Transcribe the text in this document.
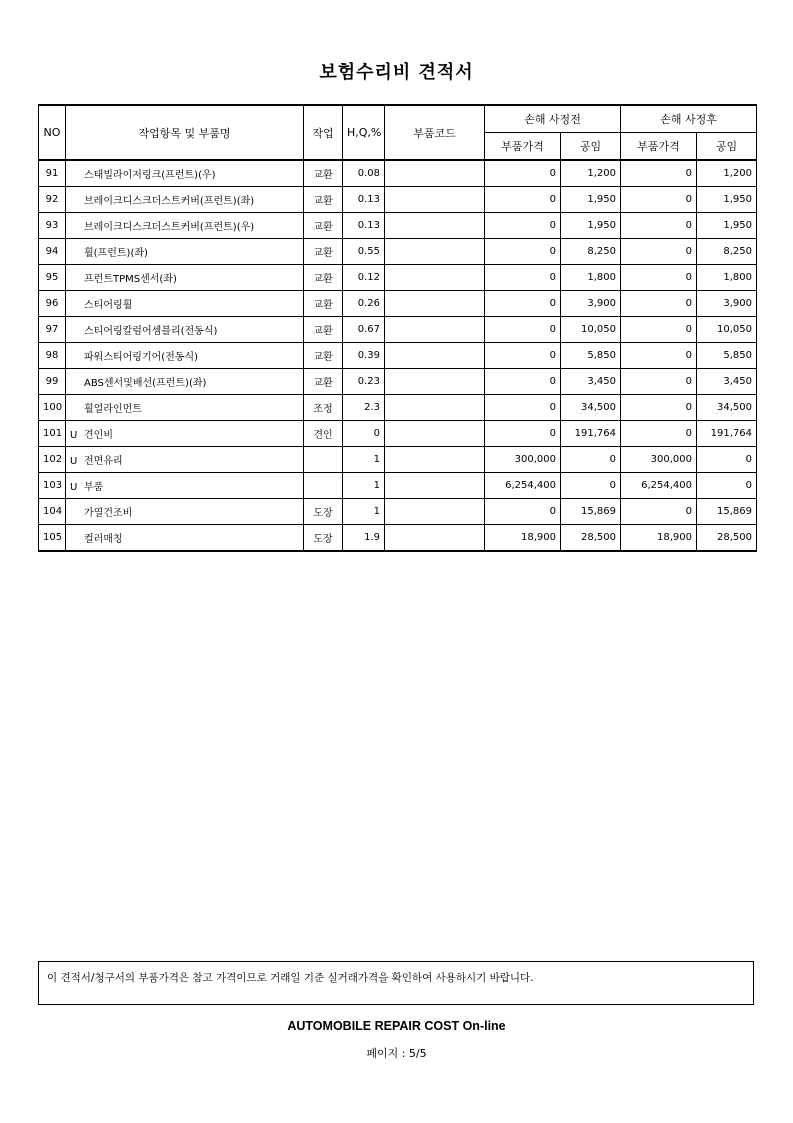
보험수리비 견적서
NO	작업항목 및 부품명	작업	H,Q,%	부품코드	손해 사정전		손해 사정후	
					부품가격	공임	부품가격	공임
91	스태빌라이저링크(프런트)(우)	교환	0.08		0	1,200	0	1,200
92	브레이크디스크더스트커버(프런트)(좌)	교환	0.13		0	1,950	0	1,950
93	브레이크디스크더스트커버(프런트)(우)	교환	0.13		0	1,950	0	1,950
94	휠(프런트)(좌)	교환	0.55		0	8,250	0	8,250
95	프런트TPMS센서(좌)	교환	0.12		0	1,800	0	1,800
96	스티어링휠	교환	0.26		0	3,900	0	3,900
97	스티어링칼럼어셈블리(전동식)	교환	0.67		0	10,050	0	10,050
98	파워스티어링기어(전동식)	교환	0.39		0	5,850	0	5,850
99	ABS센서및배선(프런트)(좌)	교환	0.23		0	3,450	0	3,450
100	휠얼라인먼트	조정	2.3		0	34,500	0	34,500
101	U 견인비	견인	0		0	191,764	0	191,764
102	U 전면유리		1		300,000	0	300,000	0
103	U 부품		1		6,254,400	0	6,254,400	0
104	가열건조비	도장	1		0	15,869	0	15,869
105	컬러매칭	도장	1.9		18,900	28,500	18,900	28,500
이 견적서/청구서의 부품가격은 참고 가격이므로 거래일 기준 실거래가격을 확인하여 사용하시기 바랍니다.
AUTOMOBILE REPAIR COST On-line
페이지 : 5/5
